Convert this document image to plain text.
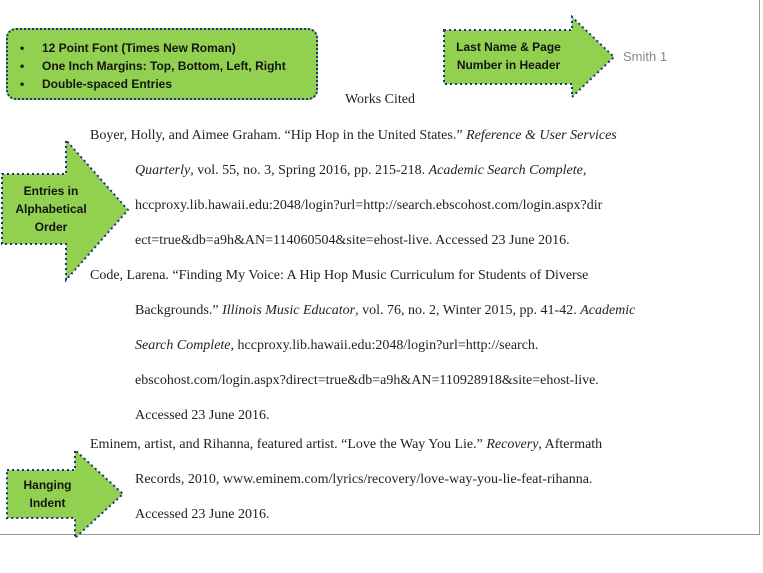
Smith 1

Works Cited

Boyer, Holly, and Aimee Graham. “Hip Hop in the United States.” Reference & User Services

Quarterly, vol. 55, no. 3, Spring 2016, pp. 215-218. Academic Search Complete,

hccproxy.lib.hawaii.edu:2048/login?url=http://search.ebscohost.com/login.aspx?dir

ect=true&db=a9h&AN=114060504&site=ehost-live. Accessed 23 June 2016.

Code, Larena. “Finding My Voice: A Hip Hop Music Curriculum for Students of Diverse

Backgrounds.” Illinois Music Educator, vol. 76, no. 2, Winter 2015, pp. 41-42. Academic

Search Complete, hccproxy.lib.hawaii.edu:2048/login?url=http://search.

ebscohost.com/login.aspx?direct=true&db=a9h&AN=110928918&site=ehost-live.

Accessed 23 June 2016.

Eminem, artist, and Rihanna, featured artist. “Love the Way You Lie.” Recovery, Aftermath

Records, 2010, www.eminem.com/lyrics/recovery/love-way-you-lie-feat-rihanna.

Accessed 23 June 2016.

• 12 Point Font (Times New Roman)
• One Inch Margins: Top, Bottom, Left, Right
• Double-spaced Entries
Last Name & Page
Number in Header
Entries in
Alphabetical
Order
Hanging
Indent
